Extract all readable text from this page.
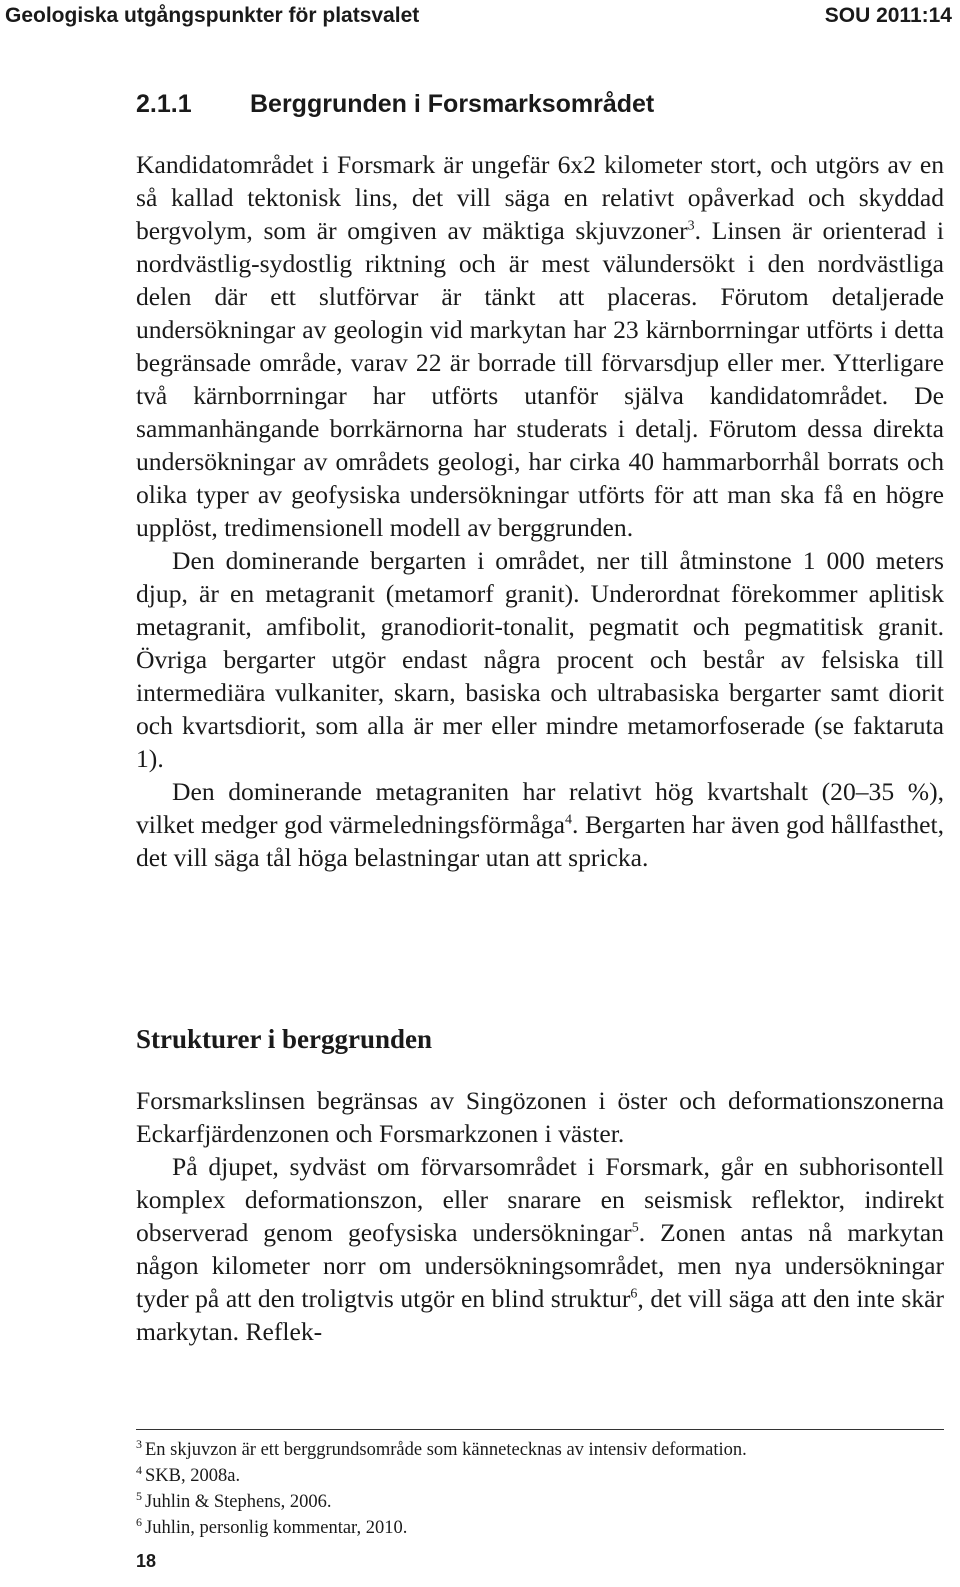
Geologiska utgångspunkter för platsvalet	SOU 2011:14
2.1.1 Berggrunden i Forsmarksområdet

Kandidatområdet i Forsmark är ungefär 6x2 kilometer stort, och utgörs av en så kallad tektonisk lins, det vill säga en relativt opåverkad och skyddad bergvolym, som är omgiven av mäktiga skjuvzoner$^3$. Linsen är orienterad i nordvästlig-sydostlig riktning och är mest välundersökt i den nordvästliga delen där ett slutförvar är tänkt att placeras. Förutom detaljerade undersökningar av geologin vid markytan har 23 kärnborrningar utförts i detta begränsade område, varav 22 är borrade till förvarsdjup eller mer. Ytterligare två kärnborrningar har utförts utanför själva kandidatområdet. De sammanhängande borrkärnorna har studerats i detalj. Förutom dessa direkta undersökningar av områdets geologi, har cirka 40 hammarborrhål borrats och olika typer av geofysiska undersökningar utförts för att man ska få en högre upplöst, tredimensionell modell av berggrunden.

Den dominerande bergarten i området, ner till åtminstone 1 000 meters djup, är en metagranit (metamorf granit). Underordnat förekommer aplitisk metagranit, amfibolit, granodiorit-tonalit, pegmatit och pegmatitisk granit. Övriga bergarter utgör endast några procent och består av felsiska till intermediära vulkaniter, skarn, basiska och ultrabasiska bergarter samt diorit och kvartsdiorit, som alla är mer eller mindre metamorfoserade (se faktaruta 1).

Den dominerande metagraniten har relativt hög kvartshalt (20–35 %), vilket medger god värmeledningsförmåga$^4$. Bergarten har även god hållfasthet, det vill säga tål höga belastningar utan att spricka.

Strukturer i berggrunden

Forsmarkslinsen begränsas av Singözonen i öster och deformationszonerna Eckarfjärdenzonen och Forsmarkzonen i väster.

På djupet, sydväst om förvarsområdet i Forsmark, går en subhorisontell komplex deformationszon, eller snarare en seismisk reflektor, indirekt observerad genom geofysiska undersökningar$^5$. Zonen antas nå markytan någon kilometer norr om undersökningsområdet, men nya undersökningar tyder på att den troligtvis utgör en blind struktur$^6$, det vill säga att den inte skär markytan. Reflek-

$^3$ En skjuvzon är ett berggrundsområde som kännetecknas av intensiv deformation.
$^4$ SKB, 2008a.
$^5$ Juhlin & Stephens, 2006.
$^6$ Juhlin, personlig kommentar, 2010.
18
